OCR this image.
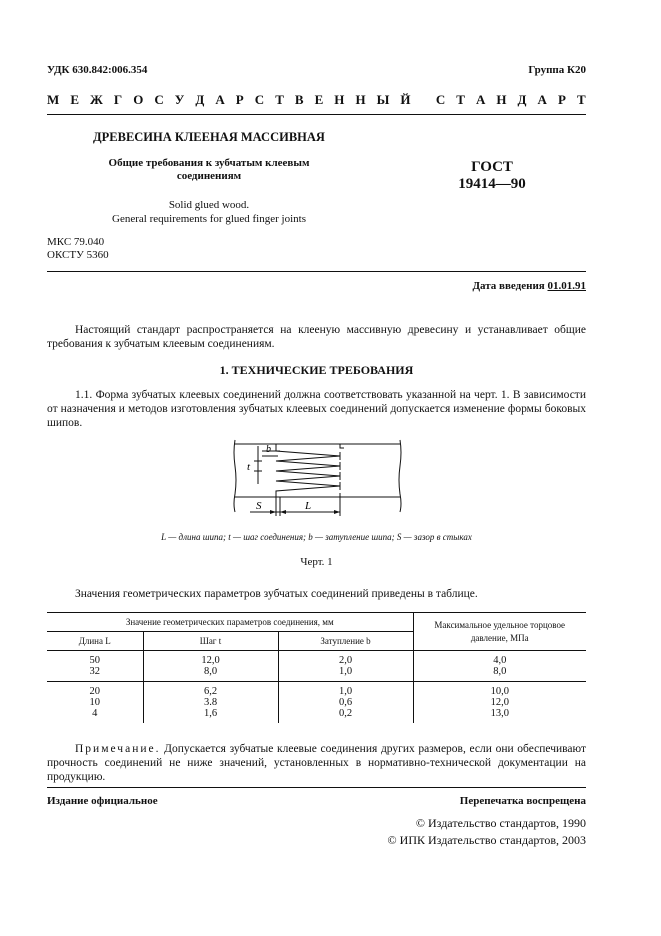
УДК 630.842:006.354	Группа К20
М Е Ж Г О С У Д А Р С Т В Е Н Н Ы Й
С Т А Н Д А Р Т
ДРЕВЕСИНА КЛЕЕНАЯ МАССИВНАЯ
Общие требования к зубчатым клеевым
соединениям
Solid glued wood.
General requirements for glued finger joints
ГОСТ
19414—90
МКС 79.040
ОКСТУ 5360
Дата введения 01.01.91
Настоящий стандарт распространяется на клееную массивную древесину и устанавливает общие требования к зубчатым клеевым соединениям.
1. ТЕХНИЧЕСКИЕ ТРЕБОВАНИЯ
1.1. Форма зубчатых клеевых соединений должна соответствовать указанной на черт. 1. В зависимости от назначения и методов изготовления зубчатых клеевых соединений допускается изменение формы боковых шипов.
b
t
S	L
L — длина шипа; t — шаг соединения; b — затупление шипа; S — зазор в стыках
Черт. 1
Значения геометрических параметров зубчатых соединений приведены в таблице.
Значение геометрических параметров соединения, мм			Максимальное удельное торцовое давление, МПа
Длина L	Шаг t	Затупление b	
50	12,0	2,0	4,0
32	8,0	1,0	8,0
20	6,2	1,0	10,0
10	3.8	0,6	12,0
4	1,6	0,2	13,0
Примечание. Допускается зубчатые клеевые соединения других размеров, если они обеспечивают прочность соединений не ниже значений, установленных в нормативно-технической документации на продукцию.
Издание официальное	Перепечатка воспрещена
© Издательство стандартов, 1990
© ИПК Издательство стандартов, 2003
